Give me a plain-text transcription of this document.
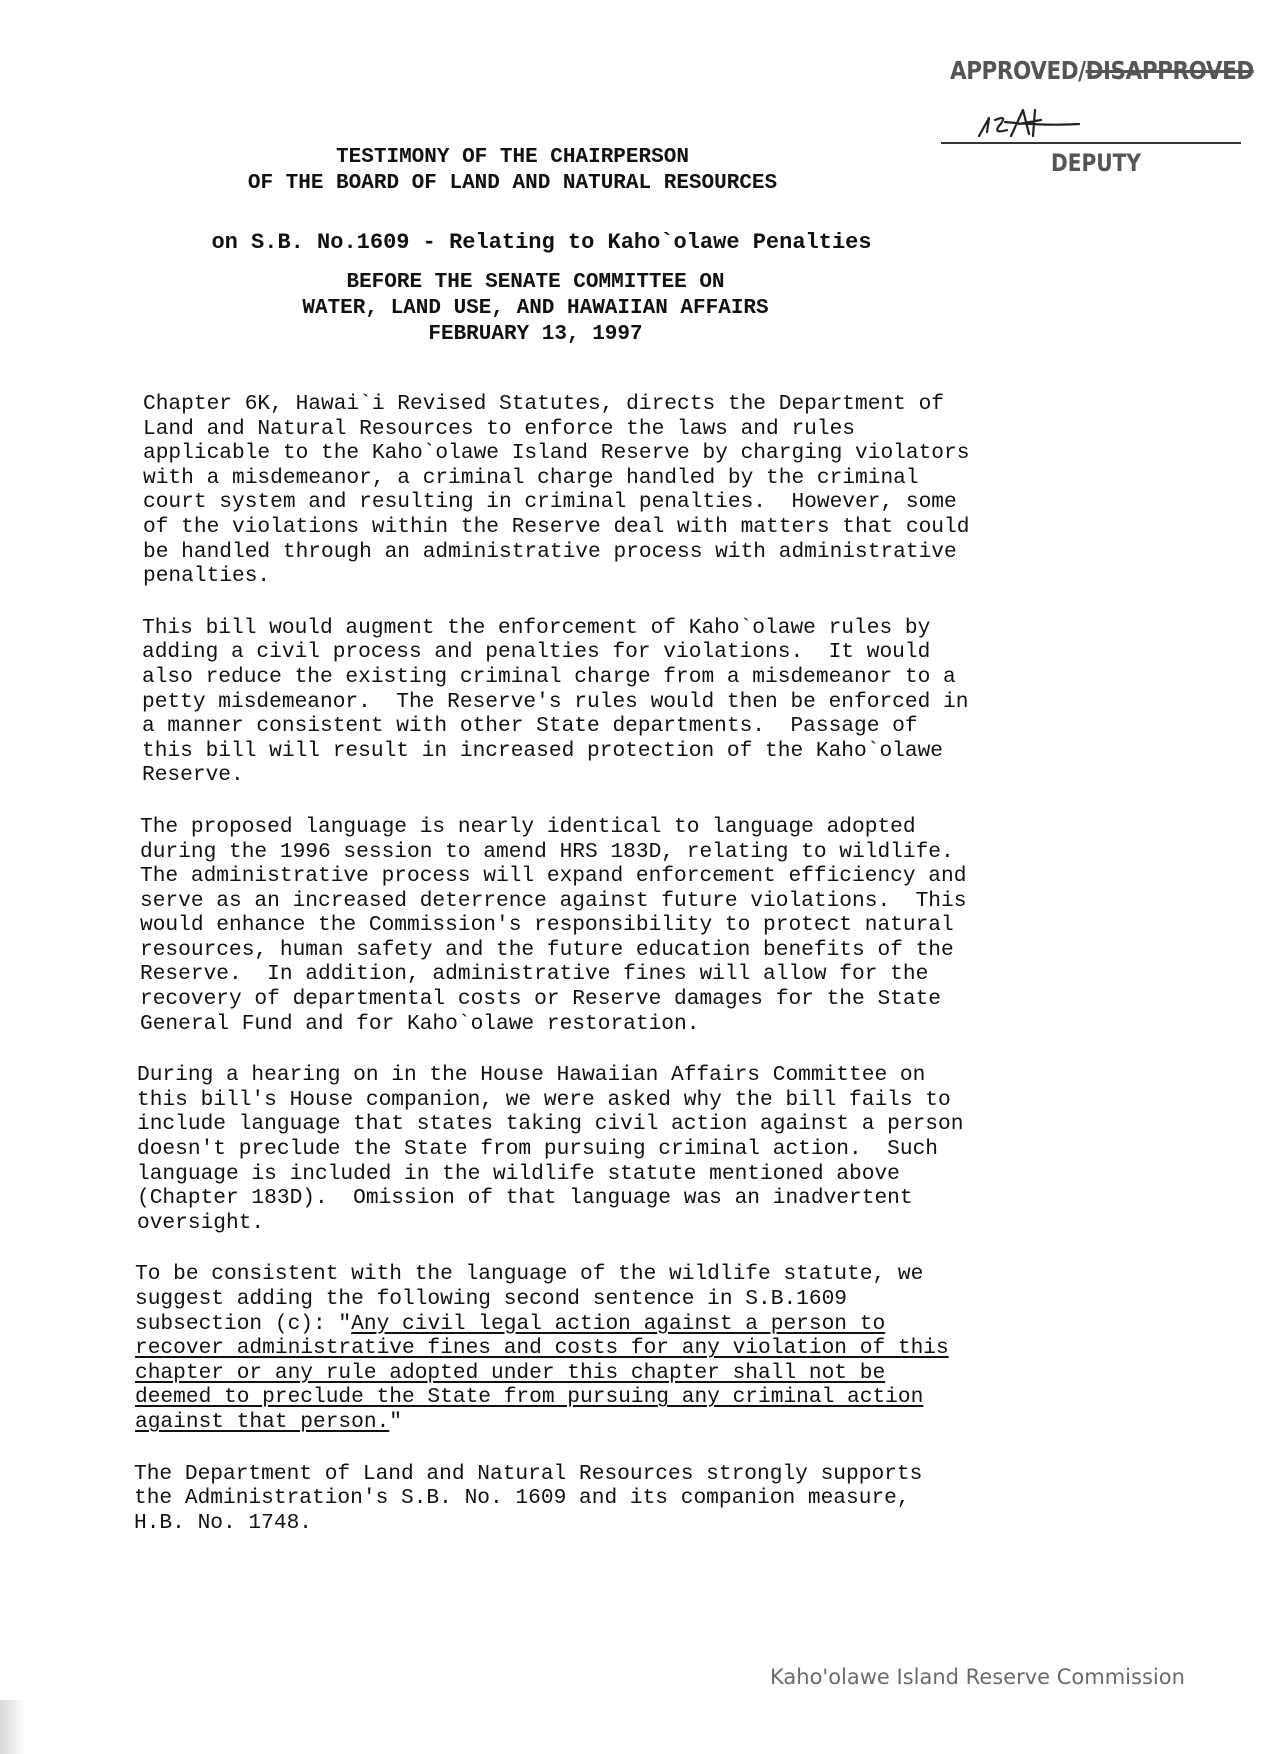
APPROVED/DISAPPROVED
DEPUTY
TESTIMONY OF THE CHAIRPERSON
OF THE BOARD OF LAND AND NATURAL RESOURCES
on S.B. No.1609 - Relating to Kaho`olawe Penalties
BEFORE THE SENATE COMMITTEE ON
WATER, LAND USE, AND HAWAIIAN AFFAIRS
FEBRUARY 13, 1997

Chapter 6K, Hawai`i Revised Statutes, directs the Department of
Land and Natural Resources to enforce the laws and rules
applicable to the Kaho`olawe Island Reserve by charging violators
with a misdemeanor, a criminal charge handled by the criminal
court system and resulting in criminal penalties.  However, some
of the violations within the Reserve deal with matters that could
be handled through an administrative process with administrative
penalties.

This bill would augment the enforcement of Kaho`olawe rules by
adding a civil process and penalties for violations.  It would
also reduce the existing criminal charge from a misdemeanor to a
petty misdemeanor.  The Reserve's rules would then be enforced in
a manner consistent with other State departments.  Passage of
this bill will result in increased protection of the Kaho`olawe
Reserve.

The proposed language is nearly identical to language adopted
during the 1996 session to amend HRS 183D, relating to wildlife.
The administrative process will expand enforcement efficiency and
serve as an increased deterrence against future violations.  This
would enhance the Commission's responsibility to protect natural
resources, human safety and the future education benefits of the
Reserve.  In addition, administrative fines will allow for the
recovery of departmental costs or Reserve damages for the State
General Fund and for Kaho`olawe restoration.

During a hearing on in the House Hawaiian Affairs Committee on
this bill's House companion, we were asked why the bill fails to
include language that states taking civil action against a person
doesn't preclude the State from pursuing criminal action.  Such
language is included in the wildlife statute mentioned above
(Chapter 183D).  Omission of that language was an inadvertent
oversight.

To be consistent with the language of the wildlife statute, we
suggest adding the following second sentence in S.B.1609
subsection (c): "Any civil legal action against a person to
recover administrative fines and costs for any violation of this
chapter or any rule adopted under this chapter shall not be
deemed to preclude the State from pursuing any criminal action
against that person."

The Department of Land and Natural Resources strongly supports
the Administration's S.B. No. 1609 and its companion measure,
H.B. No. 1748.

Kaho'olawe Island Reserve Commission
